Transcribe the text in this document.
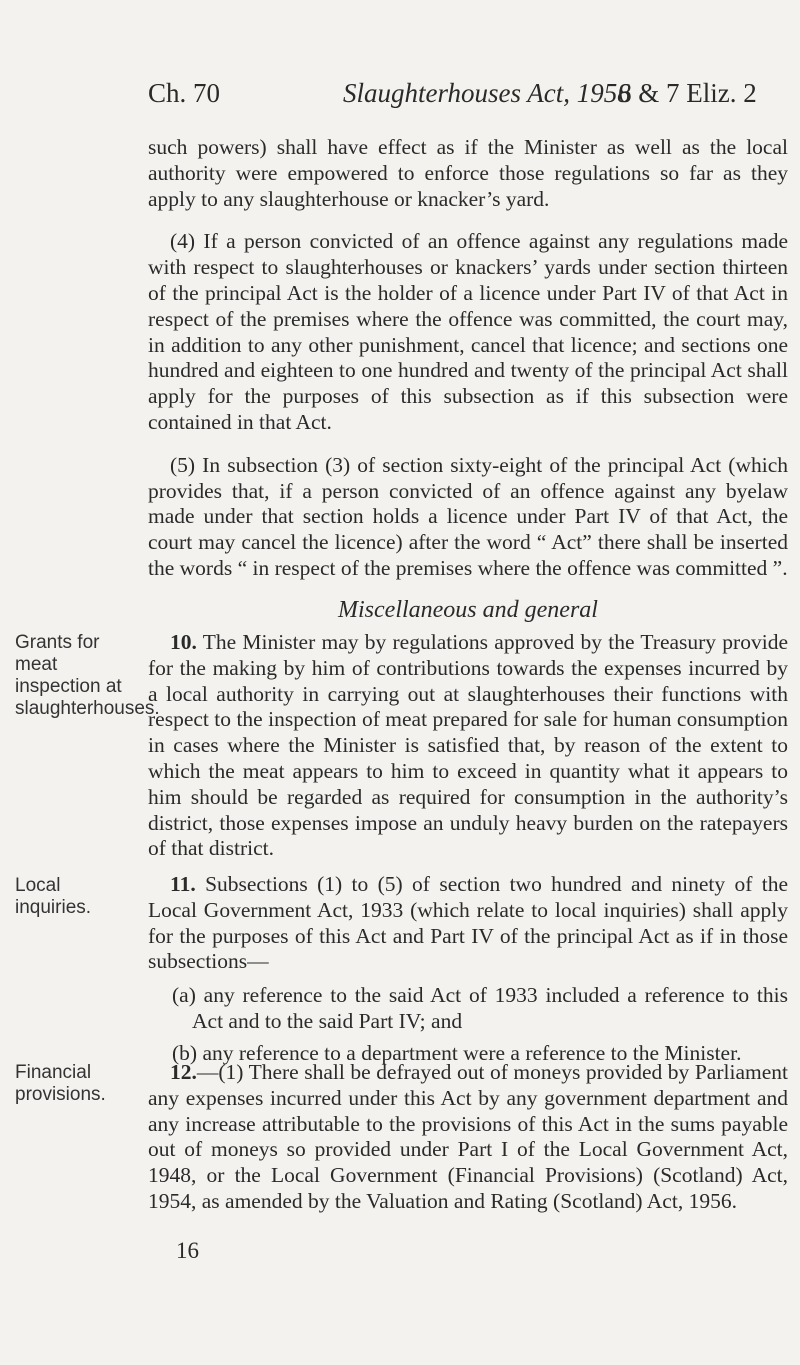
Ch. 70	Slaughterhouses Act, 1958
6 & 7 Eliz. 2

such powers) shall have effect as if the Minister as well as the local authority were empowered to enforce those regulations so far as they apply to any slaughterhouse or knacker’s yard.

(4) If a person convicted of an offence against any regulations made with respect to slaughterhouses or knackers’ yards under section thirteen of the principal Act is the holder of a licence under Part IV of that Act in respect of the premises where the offence was committed, the court may, in addition to any other punishment, cancel that licence; and sections one hundred and eighteen to one hundred and twenty of the principal Act shall apply for the purposes of this subsection as if this subsection were contained in that Act.

(5) In subsection (3) of section sixty-eight of the principal Act (which provides that, if a person convicted of an offence against any byelaw made under that section holds a licence under Part IV of that Act, the court may cancel the licence) after the word “ Act” there shall be inserted the words “ in respect of the premises where the offence was committed ”.

Miscellaneous and general
Grants for meat inspection at slaughterhouses.

10. The Minister may by regulations approved by the Treasury provide for the making by him of contributions towards the expenses incurred by a local authority in carrying out at slaughterhouses their functions with respect to the inspection of meat prepared for sale for human consumption in cases where the Minister is satisfied that, by reason of the extent to which the meat appears to him to exceed in quantity what it appears to him should be regarded as required for consumption in the authority’s district, those expenses impose an unduly heavy burden on the ratepayers of that district.

Local inquiries.

11. Subsections (1) to (5) of section two hundred and ninety of the Local Government Act, 1933 (which relate to local inquiries) shall apply for the purposes of this Act and Part IV of the principal Act as if in those subsections—

(a) any reference to the said Act of 1933 included a reference to this Act and to the said Part IV; and
(b) any reference to a department were a reference to the Minister.
Financial provisions.

12.—(1) There shall be defrayed out of moneys provided by Parliament any expenses incurred under this Act by any government department and any increase attributable to the provisions of this Act in the sums payable out of moneys so provided under Part I of the Local Government Act, 1948, or the Local Government (Financial Provisions) (Scotland) Act, 1954, as amended by the Valuation and Rating (Scotland) Act, 1956.

16
